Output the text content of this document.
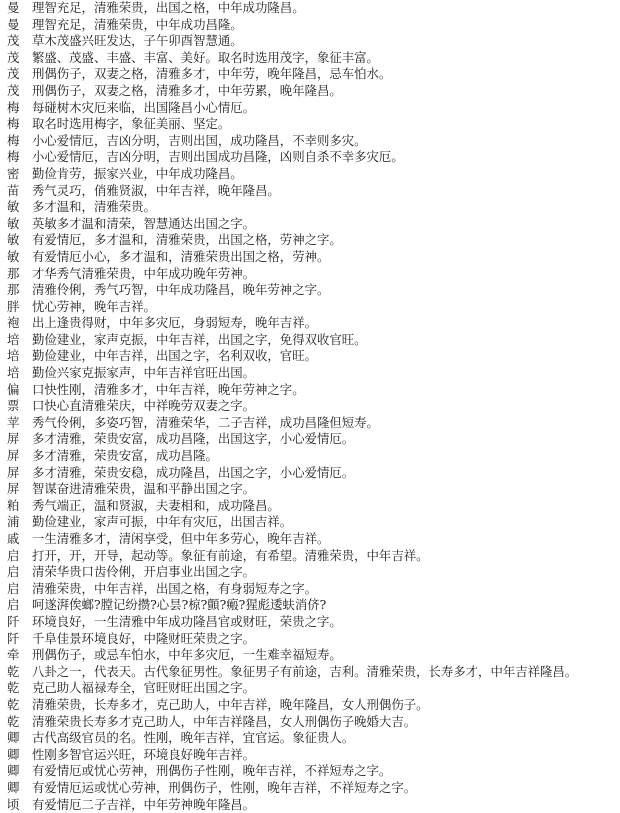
曼	理智充足，清雅荣贵，出国之格，中年成功隆昌。
曼	理智充足，清雅荣贵，中年成功昌隆。
茂	草木茂盛兴旺发达，子午卯酉智慧通。
茂	繁盛、茂盛、丰盛、丰富、美好。取名时选用茂字，象征丰富。
茂	刑偶伤子，双妻之格，清雅多才，中年劳，晚年隆昌，忌车怕水。
茂	刑偶伤子，双妻之格，清雅多才，中年劳累，晚年隆昌。
梅	每碰树木灾厄来临，出国隆昌小心情厄。
梅	取名时选用梅字，象征美丽、坚定。
梅	小心爱情厄，吉凶分明，吉则出国，成功隆昌，不幸则多灾。
梅	小心爱情厄，吉凶分明，吉则出国成功昌隆，凶则自杀不幸多灾厄。
密	勤俭肯劳，振家兴业，中年成功隆昌。
苗	秀气灵巧，俏雅贤淑，中年吉祥，晚年隆昌。
敏	多才温和，清雅荣贵。
敏	英敏多才温和清荣，智慧通达出国之字。
敏	有爱情厄，多才温和，清雅荣贵，出国之格，劳神之字。
敏	有爱情厄小心，多才温和，清雅荣贵出国之格，劳神。
那	才华秀气清雅荣贵，中年成功晚年劳神。
那	清雅伶俐，秀气巧智，中年成功隆昌，晚年劳神之字。
胖	忧心劳神，晚年吉祥。
袍	出上逢贵得财，中年多灾厄，身弱短寿，晚年吉祥。
培	勤俭建业，家声克振，中年吉祥，出国之字，免得双收官旺。
培	勤俭建业，中年吉祥，出国之字，名利双收，官旺。
培	勤俭兴家克振家声，中年吉祥官旺出国。
偏	口快性刚，清雅多才，中年吉祥，晚年劳神之字。
票	口快心直清雅荣庆，中祥晚劳双妻之字。
苹	秀气伶俐，多姿巧智，清雅荣华，二子吉祥，成功昌隆但短寿。
屏	多才清雅，荣贵安富，成功昌隆，出国这字，小心爱情厄。
屏	多才清雅，荣贵安富，成功昌隆。
屏	多才清雅，荣贵安稳，成功隆昌，出国之字，小心爱情厄。
屏	智谋奋进清雅荣贵，温和平静出国之字。
粕	秀气端正，温和贤淑，夫妻相和，成功隆昌。
浦	勤俭建业，家声可振，中年有灾厄，出国吉祥。
戚	一生清雅多才，清闲享受，但中年多劳心，晚年吉祥。
启	打开，开，开导，起动等。象征有前途，有希望。清雅荣贵，中年吉祥。
启	清荣华贵口齿伶俐，开启事业出国之字。
启	清雅荣贵，中年吉祥，出国之格，有身弱短寿之字。
启	呵遂湃俟螂?膛记纷攒?心昙?椋?顫?瘢?猩彪逶蚨消侪?
阡	环境良好，一生清雅中年成功隆昌官或财旺，荣贵之字。
阡	千阜佳景环境良好，中隆财旺荣贵之字。
牵	刑偶伤子，或忌车怕水，中年多灾厄，一生难幸福短寿。
乾	八卦之一，代表天。古代象征男性。象征男子有前途，吉利。清雅荣贵，长寿多才，中年吉祥隆昌。
乾	克己助人福禄寿全，官旺财旺出国之字。
乾	清雅荣贵，长寿多才，克己助人，中年吉祥，晚年隆昌，女人刑偶伤子。
乾	清雅荣贵长寿多才克己助人，中年吉祥隆昌，女人刑偶伤子晚婚大吉。
卿	古代高级官员的名。性刚，晚年吉祥，宜官运。象征贵人。
卿	性刚多智官运兴旺，环境良好晚年吉祥。
卿	有爱情厄或忧心劳神，刑偶伤子性刚，晚年吉祥，不祥短寿之字。
卿	有爱情厄运或忧心劳神，刑偶伤子，性刚，晚年吉祥，不祥短寿之字。
顷	有爱情厄二子吉祥，中年劳神晚年隆昌。
